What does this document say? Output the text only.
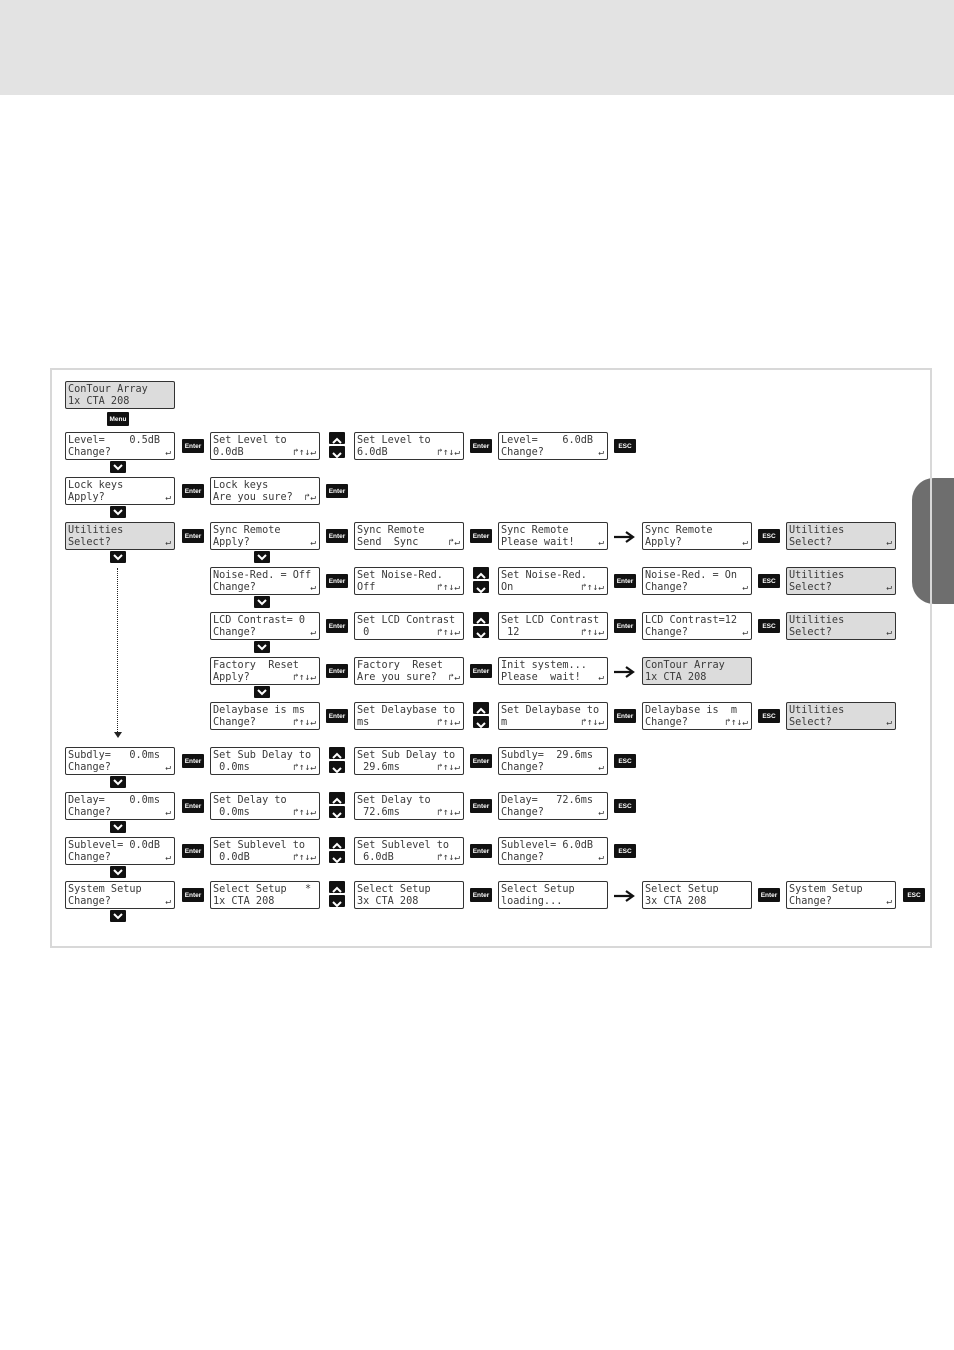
ConTour Array
1x CTA 208
Menu
Level=    0.5dB
Change?	↵
Enter Set Level to
0.0dB	↱↑↓↵
Set Level to
6.0dB	↱↑↓↵
Enter Level=    6.0dB
Change?	↵
ESC
Lock keys
Apply?	↵
Enter Lock keys
Are you sure?	↱↵
Enter
Utilities
Select?	↵
Enter Sync Remote
Apply?	↵
Enter Sync Remote
Send  Sync	↱↵
Enter Sync Remote
Please wait!	↵
Sync Remote
Apply?	↵
ESC	Utilities
Select?	↵
Noise-Red. = Off
Change?	↵
Enter Set Noise-Red.
Off	↱↑↓↵
Set Noise-Red.
On	↱↑↓↵
Enter Noise-Red. = On
Change?	↵
ESC	Utilities
Select?	↵
LCD Contrast= 0
Change?	↵
Enter Set LCD Contrast
0	↱↑↓↵
Set LCD Contrast
12	↱↑↓↵
Enter LCD Contrast=12
Change?	↵
ESC	Utilities
Select?	↵
Factory  Reset
Apply?	↱↑↓↵
Enter Factory  Reset
Are you sure?	↱↵
Enter Init system...
Please  wait!	↵
ConTour Array
1x CTA 208
Delaybase is ms
Change?	↱↑↓↵
Enter Set Delaybase to
ms	↱↑↓↵
Set Delaybase to
m	↱↑↓↵
Enter Delaybase is  m
Change?	↱↑↓↵
ESC	Utilities
Select?	↵
Subdly=   0.0ms
Change?	↵
Enter Set Sub Delay to
0.0ms	↱↑↓↵
Set Sub Delay to
29.6ms	↱↑↓↵
Enter Subdly=  29.6ms
Change?	↵
ESC
Delay=    0.0ms
Change?	↵
Enter Set Delay to
0.0ms	↱↑↓↵
Set Delay to
72.6ms	↱↑↓↵
Enter Delay=   72.6ms
Change?	↵
ESC
Sublevel= 0.0dB
Change?	↵
Enter Set Sublevel to
0.0dB	↱↑↓↵
Set Sublevel to
6.0dB	↱↑↓↵
Enter Sublevel= 6.0dB
Change?	↵
ESC
System Setup
Change?	↵
Enter Select Setup   *
1x CTA 208
Select Setup
3x CTA 208
Enter Select Setup
loading...
Select Setup
3x CTA 208
Enter System Setup
Change?	↵
ESC
